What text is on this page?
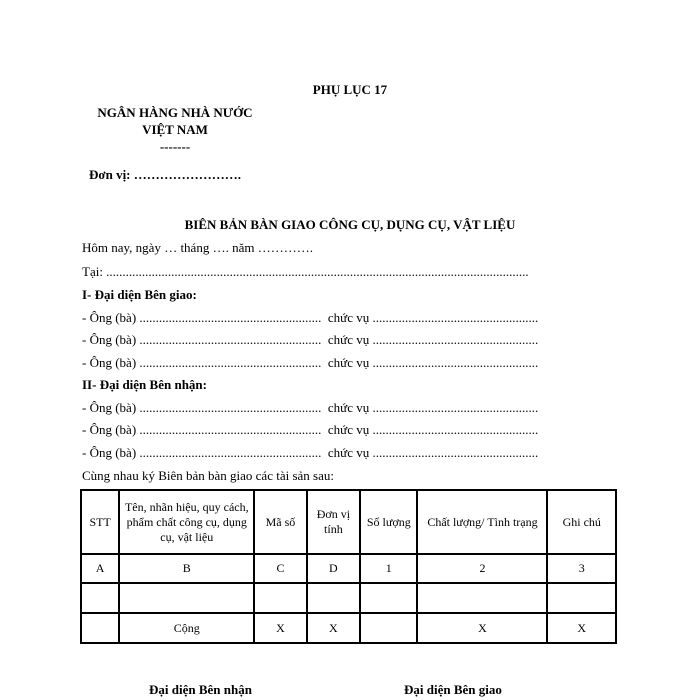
PHỤ LỤC 17
NGÂN HÀNG NHÀ NƯỚC
VIỆT NAM
-------
Đơn vị: …………………….
BIÊN BẢN BÀN GIAO CÔNG CỤ, DỤNG CỤ, VẬT LIỆU
Hôm nay, ngày … tháng …. năm ………….
Tại: ..................................................................................................................................
I- Đại diện Bên giao:
- Ông (bà) ........................................................ chức vụ ...................................................
- Ông (bà) ........................................................ chức vụ ...................................................
- Ông (bà) ........................................................ chức vụ ...................................................
II- Đại diện Bên nhận:
- Ông (bà) ........................................................ chức vụ ...................................................
- Ông (bà) ........................................................ chức vụ ...................................................
- Ông (bà) ........................................................ chức vụ ...................................................
Cùng nhau ký Biên bản bàn giao các tài sản sau:
STT	Tên, nhãn hiệu, quy cách, phẩm chất công cụ, dụng cụ, vật liệu	Mã số	Đơn vị tính	Số lượng	Chất lượng/ Tình trạng	Ghi chú
A	B	C	D	1	2	3

	Cộng	X	X		X	X
Đại diện Bên nhận	Đại diện Bên giao
